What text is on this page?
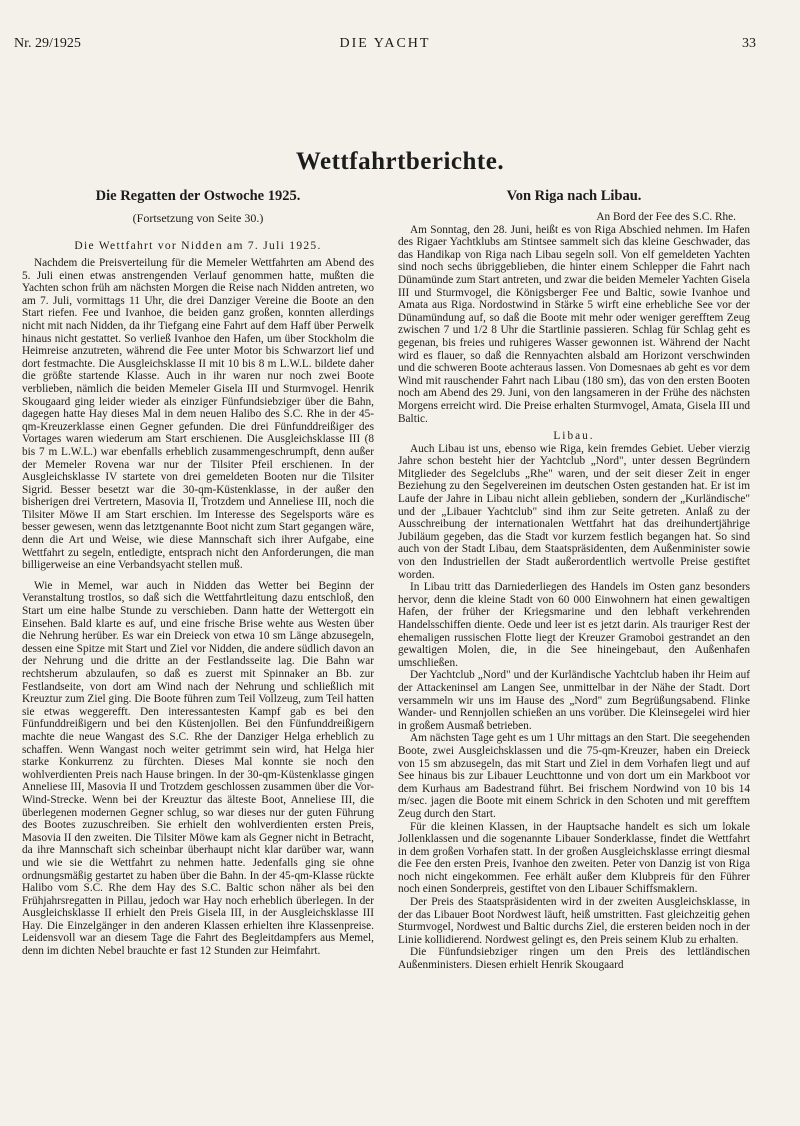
Nr. 29/1925	DIE YACHT	33
Wettfahrtberichte.

Die Regatten der Ostwoche 1925.

(Fortsetzung von Seite 30.)

Die Wettfahrt vor Nidden am 7. Juli 1925.

Nachdem die Preisverteilung für die Memeler Wettfahrten am Abend des 5. Juli einen etwas anstrengenden Verlauf genommen hatte, mußten die Yachten schon früh am nächsten Morgen die Reise nach Nidden antreten, wo am 7. Juli, vormittags 11 Uhr, die drei Danziger Vereine die Boote an den Start riefen. Fee und Ivanhoe, die beiden ganz großen, konnten allerdings nicht mit nach Nidden, da ihr Tiefgang eine Fahrt auf dem Haff über Perwelk hinaus nicht gestattet. So verließ Ivanhoe den Hafen, um über Stockholm die Heimreise anzutreten, während die Fee unter Motor bis Schwarzort lief und dort festmachte. Die Ausgleichsklasse II mit 10 bis 8 m L.W.L. bildete daher die größte startende Klasse. Auch in ihr waren nur noch zwei Boote verblieben, nämlich die beiden Memeler Gisela III und Sturmvogel. Henrik Skougaard ging leider wieder als einziger Fünfundsiebziger über die Bahn, dagegen hatte Hay dieses Mal in dem neuen Halibo des S.C. Rhe in der 45-qm-Kreuzerklasse einen Gegner gefunden. Die drei Fünfunddreißiger des Vortages waren wiederum am Start erschienen. Die Ausgleichsklasse III (8 bis 7 m L.W.L.) war ebenfalls erheblich zusammengeschrumpft, denn außer der Memeler Rovena war nur der Tilsiter Pfeil erschienen. In der Ausgleichsklasse IV startete von drei gemeldeten Booten nur die Tilsiter Sigrid. Besser besetzt war die 30-qm-Küstenklasse, in der außer den bisherigen drei Vertretern, Masovia II, Trotzdem und Anneliese III, noch die Tilsiter Möwe II am Start erschien. Im Interesse des Segelsports wäre es besser gewesen, wenn das letztgenannte Boot nicht zum Start gegangen wäre, denn die Art und Weise, wie diese Mannschaft sich ihrer Aufgabe, eine Wettfahrt zu segeln, entledigte, entsprach nicht den Anforderungen, die man billigerweise an eine Verbandsyacht stellen muß.

Wie in Memel, war auch in Nidden das Wetter bei Beginn der Veranstaltung trostlos, so daß sich die Wettfahrtleitung dazu entschloß, den Start um eine halbe Stunde zu verschieben. Dann hatte der Wettergott ein Einsehen. Bald klarte es auf, und eine frische Brise wehte aus Westen über die Nehrung herüber. Es war ein Dreieck von etwa 10 sm Länge abzusegeln, dessen eine Spitze mit Start und Ziel vor Nidden, die andere südlich davon an der Nehrung und die dritte an der Festlandsseite lag. Die Bahn war rechtsherum abzulaufen, so daß es zuerst mit Spinnaker an Bb. zur Festlandseite, von dort am Wind nach der Nehrung und schließlich mit Kreuztur zum Ziel ging. Die Boote führen zum Teil Vollzeug, zum Teil hatten sie etwas weggerefft. Den interessantesten Kampf gab es bei den Fünfunddreißigern und bei den Küstenjollen. Bei den Fünfunddreißigern machte die neue Wangast des S.C. Rhe der Danziger Helga erheblich zu schaffen. Wenn Wangast noch weiter getrimmt sein wird, hat Helga hier starke Konkurrenz zu fürchten. Dieses Mal konnte sie noch den wohlverdienten Preis nach Hause bringen. In der 30-qm-Küstenklasse gingen Anneliese III, Masovia II und Trotzdem geschlossen zusammen über die Vor-Wind-Strecke. Wenn bei der Kreuztur das älteste Boot, Anneliese III, die überlegenen modernen Gegner schlug, so war dieses nur der guten Führung des Bootes zuzuschreiben. Sie erhielt den wohlverdienten ersten Preis, Masovia II den zweiten. Die Tilsiter Möwe kam als Gegner nicht in Betracht, da ihre Mannschaft sich scheinbar überhaupt nicht klar darüber war, wann und wie sie die Wettfahrt zu nehmen hatte. Jedenfalls ging sie ohne ordnungsmäßig gestartet zu haben über die Bahn. In der 45-qm-Klasse rückte Halibo vom S.C. Rhe dem Hay des S.C. Baltic schon näher als bei den Frühjahrsregatten in Pillau, jedoch war Hay noch erheblich überlegen. In der Ausgleichsklasse II erhielt den Preis Gisela III, in der Ausgleichsklasse III Hay. Die Einzelgänger in den anderen Klassen erhielten ihre Klassenpreise. Leidensvoll war an diesem Tage die Fahrt des Begleitdampfers aus Memel, denn im dichten Nebel brauchte er fast 12 Stunden zur Heimfahrt.

Von Riga nach Libau.

An Bord der Fee des S.C. Rhe.

Am Sonntag, den 28. Juni, heißt es von Riga Abschied nehmen. Im Hafen des Rigaer Yachtklubs am Stintsee sammelt sich das kleine Geschwader, das das Handikap von Riga nach Libau segeln soll. Von elf gemeldeten Yachten sind noch sechs übriggeblieben, die hinter einem Schlepper die Fahrt nach Dünamünde zum Start antreten, und zwar die beiden Memeler Yachten Gisela III und Sturmvogel, die Königsberger Fee und Baltic, sowie Ivanhoe und Amata aus Riga. Nordostwind in Stärke 5 wirft eine erhebliche See vor der Dünamündung auf, so daß die Boote mit mehr oder weniger gerefftem Zeug zwischen 7 und 1/2 8 Uhr die Startlinie passieren. Schlag für Schlag geht es gegenan, bis freies und ruhigeres Wasser gewonnen ist. Während der Nacht wird es flauer, so daß die Rennyachten alsbald am Horizont verschwinden und die schweren Boote achteraus lassen. Von Domesnaes ab geht es vor dem Wind mit rauschender Fahrt nach Libau (180 sm), das von den ersten Booten noch am Abend des 29. Juni, von den langsameren in der Frühe des nächsten Morgens erreicht wird. Die Preise erhalten Sturmvogel, Amata, Gisela III und Baltic.

Libau.

Auch Libau ist uns, ebenso wie Riga, kein fremdes Gebiet. Ueber vierzig Jahre schon besteht hier der Yachtclub „Nord", unter dessen Begründern Mitglieder des Segelclubs „Rhe" waren, und der seit dieser Zeit in enger Beziehung zu den Segelvereinen im deutschen Osten gestanden hat. Er ist im Laufe der Jahre in Libau nicht allein geblieben, sondern der „Kurländische" und der „Libauer Yachtclub" sind ihm zur Seite getreten. Anlaß zu der Ausschreibung der internationalen Wettfahrt hat das dreihundertjährige Jubiläum gegeben, das die Stadt vor kurzem festlich begangen hat. So sind auch von der Stadt Libau, dem Staatspräsidenten, dem Außenminister sowie von den Industriellen der Stadt außerordentlich wertvolle Preise gestiftet worden.

In Libau tritt das Darniederliegen des Handels im Osten ganz besonders hervor, denn die kleine Stadt von 60 000 Einwohnern hat einen gewaltigen Hafen, der früher der Kriegsmarine und den lebhaft verkehrenden Handelsschiffen diente. Oede und leer ist es jetzt darin. Als trauriger Rest der ehemaligen russischen Flotte liegt der Kreuzer Gramoboi gestrandet an den gewaltigen Molen, die, in die See hineingebaut, den Außenhafen umschließen.

Der Yachtclub „Nord" und der Kurländische Yachtclub haben ihr Heim auf der Attackeninsel am Langen See, unmittelbar in der Nähe der Stadt. Dort versammeln wir uns im Hause des „Nord" zum Begrüßungsabend. Flinke Wander- und Rennjollen schießen an uns vorüber. Die Kleinsegelei wird hier in großem Ausmaß betrieben.

Am nächsten Tage geht es um 1 Uhr mittags an den Start. Die seegehenden Boote, zwei Ausgleichsklassen und die 75-qm-Kreuzer, haben ein Dreieck von 15 sm abzusegeln, das mit Start und Ziel in dem Vorhafen liegt und auf See hinaus bis zur Libauer Leuchttonne und von dort um ein Markboot vor dem Kurhaus am Badestrand führt. Bei frischem Nordwind von 10 bis 14 m/sec. jagen die Boote mit einem Schrick in den Schoten und mit gerefftem Zeug durch den Start.

Für die kleinen Klassen, in der Hauptsache handelt es sich um lokale Jollenklassen und die sogenannte Libauer Sonderklasse, findet die Wettfahrt in dem großen Vorhafen statt. In der großen Ausgleichsklasse erringt diesmal die Fee den ersten Preis, Ivanhoe den zweiten. Peter von Danzig ist von Riga noch nicht eingekommen. Fee erhält außer dem Klubpreis für den Führer noch einen Sonderpreis, gestiftet von den Libauer Schiffsmaklern.

Der Preis des Staatspräsidenten wird in der zweiten Ausgleichsklasse, in der das Libauer Boot Nordwest läuft, heiß umstritten. Fast gleichzeitig gehen Sturmvogel, Nordwest und Baltic durchs Ziel, die ersteren beiden noch in der Linie kollidierend. Nordwest gelingt es, den Preis seinem Klub zu erhalten.

Die Fünfundsiebziger ringen um den Preis des lettländischen Außenministers. Diesen erhielt Henrik Skougaard
